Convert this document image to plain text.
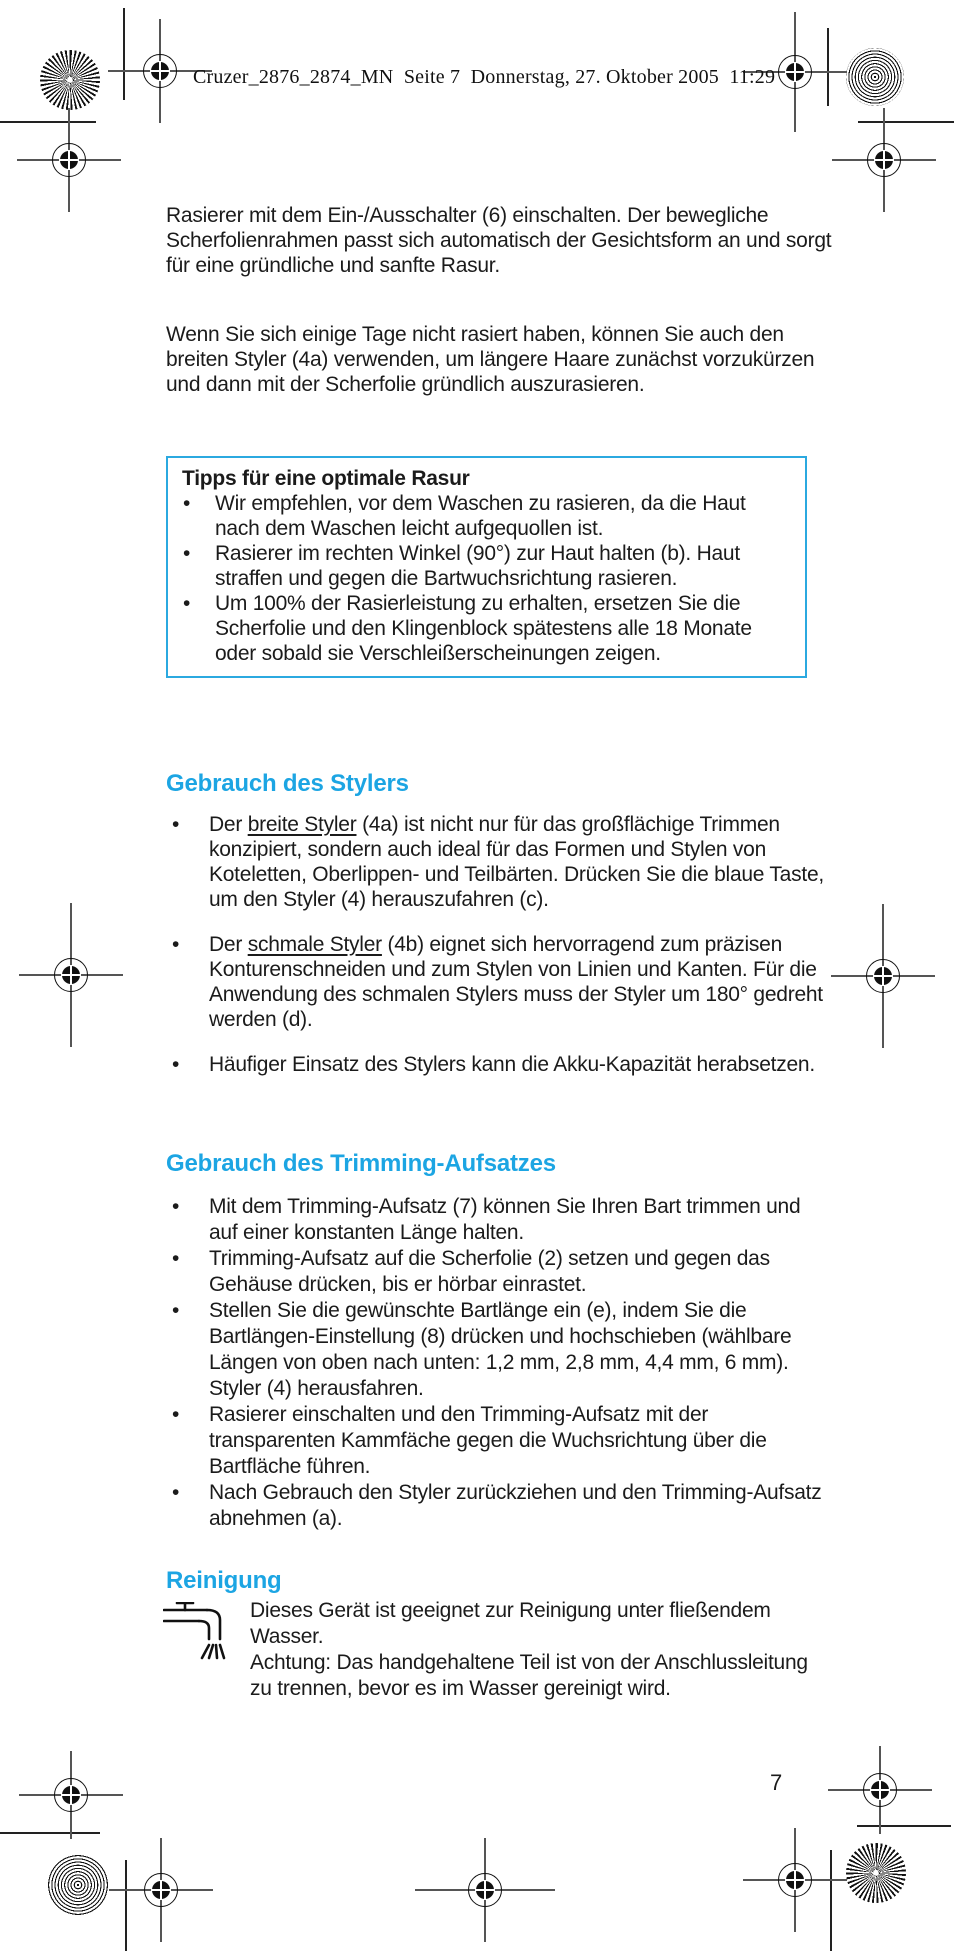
Cruzer_2876_2874_MN  Seite 7  Donnerstag, 27. Oktober 2005  11:29
Rasierer mit dem Ein-/Ausschalter (6) einschalten. Der bewegliche Scherfolienrahmen passt sich automatisch der Gesichtsform an und sorgt für eine gründliche und sanfte Rasur.
Wenn Sie sich einige Tage nicht rasiert haben, können Sie auch den breiten Styler (4a) verwenden, um längere Haare zunächst vorzukürzen und dann mit der Scherfolie gründlich auszurasieren.
Tipps für eine optimale Rasur
•	Wir empfehlen, vor dem Waschen zu rasieren, da die Haut nach dem Waschen leicht aufgequollen ist.
•	Rasierer im rechten Winkel (90°) zur Haut halten (b). Haut straffen und gegen die Bartwuchsrichtung rasieren.
•	Um 100% der Rasierleistung zu erhalten, ersetzen Sie die Scherfolie und den Klingenblock spätestens alle 18 Monate oder sobald sie Verschleißerscheinungen zeigen.
Gebrauch des Stylers
•	Der breite Styler (4a) ist nicht nur für das großflächige Trimmen konzipiert, sondern auch ideal für das Formen und Stylen von Koteletten, Oberlippen- und Teilbärten. Drücken Sie die blaue Taste, um den Styler (4) herauszufahren (c).
•	Der schmale Styler (4b) eignet sich hervorragend zum präzisen Konturenschneiden und zum Stylen von Linien und Kanten. Für die Anwendung des schmalen Stylers muss der Styler um 180° gedreht werden (d).
•	Häufiger Einsatz des Stylers kann die Akku-Kapazität herabsetzen.
Gebrauch des Trimming-Aufsatzes
•	Mit dem Trimming-Aufsatz (7) können Sie Ihren Bart trimmen und auf einer konstanten Länge halten.
•	Trimming-Aufsatz auf die Scherfolie (2) setzen und gegen das Gehäuse drücken, bis er hörbar einrastet.
•	Stellen Sie die gewünschte Bartlänge ein (e), indem Sie die Bartlängen-Einstellung (8) drücken und hochschieben (wählbare Längen von oben nach unten: 1,2 mm, 2,8 mm, 4,4 mm, 6 mm). Styler (4) herausfahren.
•	Rasierer einschalten und den Trimming-Aufsatz mit der transparenten Kammfäche gegen die Wuchsrichtung über die Bartfläche führen.
•	Nach Gebrauch den Styler zurückziehen und den Trimming-Aufsatz abnehmen (a).
Reinigung

Dieses Gerät ist geeignet zur Reinigung unter fließendem Wasser.

Achtung: Das handgehaltene Teil ist von der Anschlussleitung zu trennen, bevor es im Wasser gereinigt wird.

7
